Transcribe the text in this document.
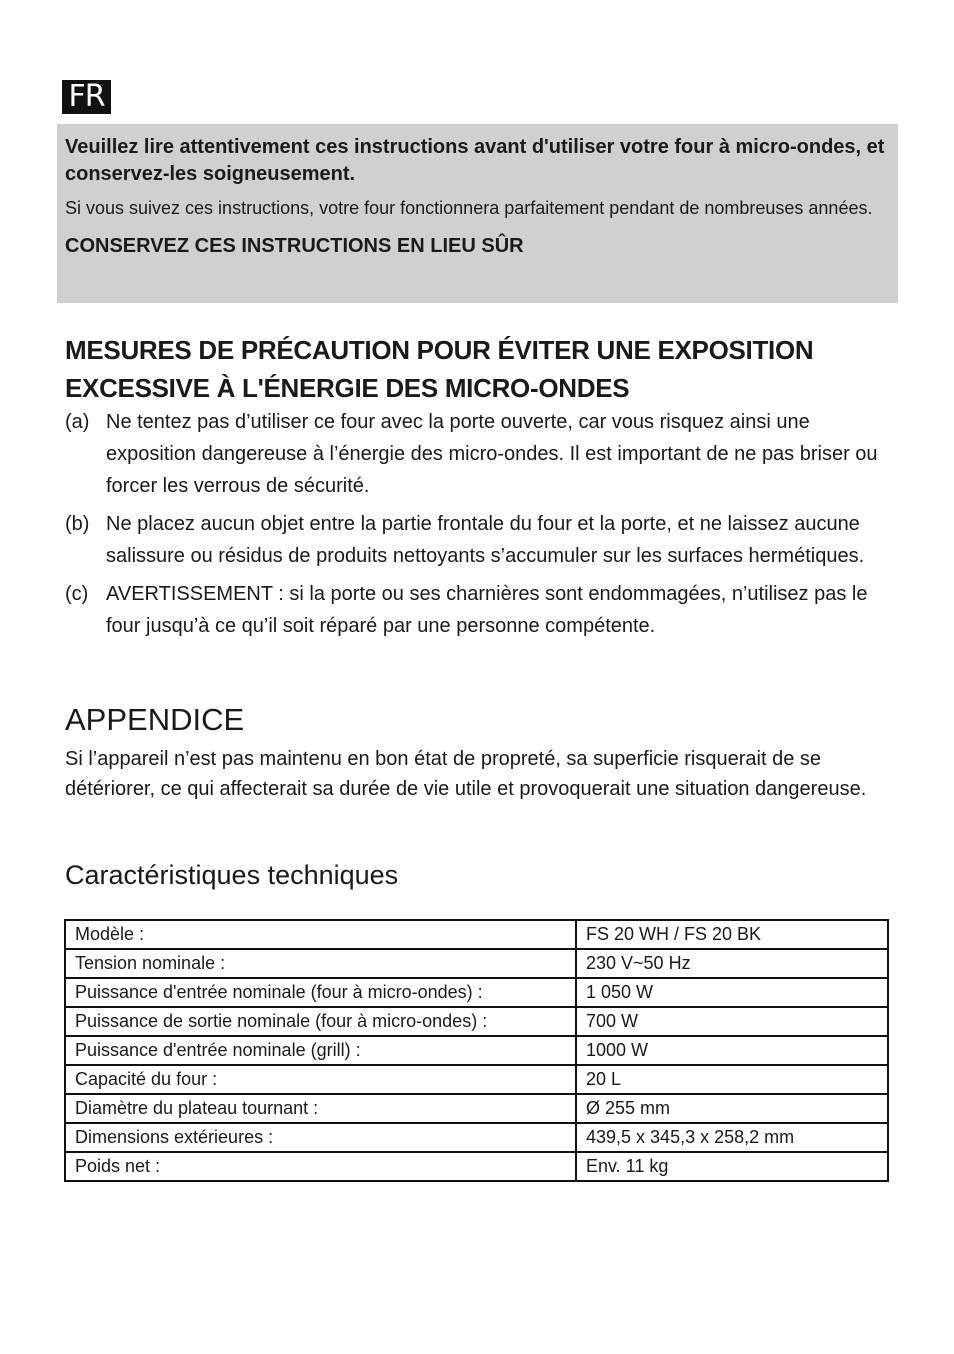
FR

Veuillez lire attentivement ces instructions avant d'utiliser votre four à micro-ondes, et conservez-les soigneusement.

Si vous suivez ces instructions, votre four fonctionnera parfaitement pendant de nombreuses années.

CONSERVEZ CES INSTRUCTIONS EN LIEU SÛR

MESURES DE PRÉCAUTION POUR ÉVITER UNE EXPOSITION EXCESSIVE À L'ÉNERGIE DES MICRO-ONDES
(a) Ne tentez pas d’utiliser ce four avec la porte ouverte, car vous risquez ainsi une exposition dangereuse à l’énergie des micro-ondes. Il est important de ne pas briser ou forcer les verrous de sécurité.
(b) Ne placez aucun objet entre la partie frontale du four et la porte, et ne laissez aucune salissure ou résidus de produits nettoyants s’accumuler sur les surfaces hermétiques.
(c) AVERTISSEMENT : si la porte ou ses charnières sont endommagées, n’utilisez pas le four jusqu’à ce qu’il soit réparé par une personne compétente.
APPENDICE

Si l’appareil n’est pas maintenu en bon état de propreté, sa superficie risquerait de se détériorer, ce qui affecterait sa durée de vie utile et provoquerait une situation dangereuse.

Caractéristiques techniques
Modèle :	FS 20 WH / FS 20 BK
Tension nominale :	230 V~50 Hz
Puissance d'entrée nominale (four à micro-ondes) :	1 050 W
Puissance de sortie nominale (four à micro-ondes) :	700 W
Puissance d'entrée nominale (grill) :	1000 W
Capacité du four :	20 L
Diamètre du plateau tournant :	Ø 255 mm
Dimensions extérieures :	439,5 x 345,3 x 258,2 mm
Poids net :	Env. 11 kg
